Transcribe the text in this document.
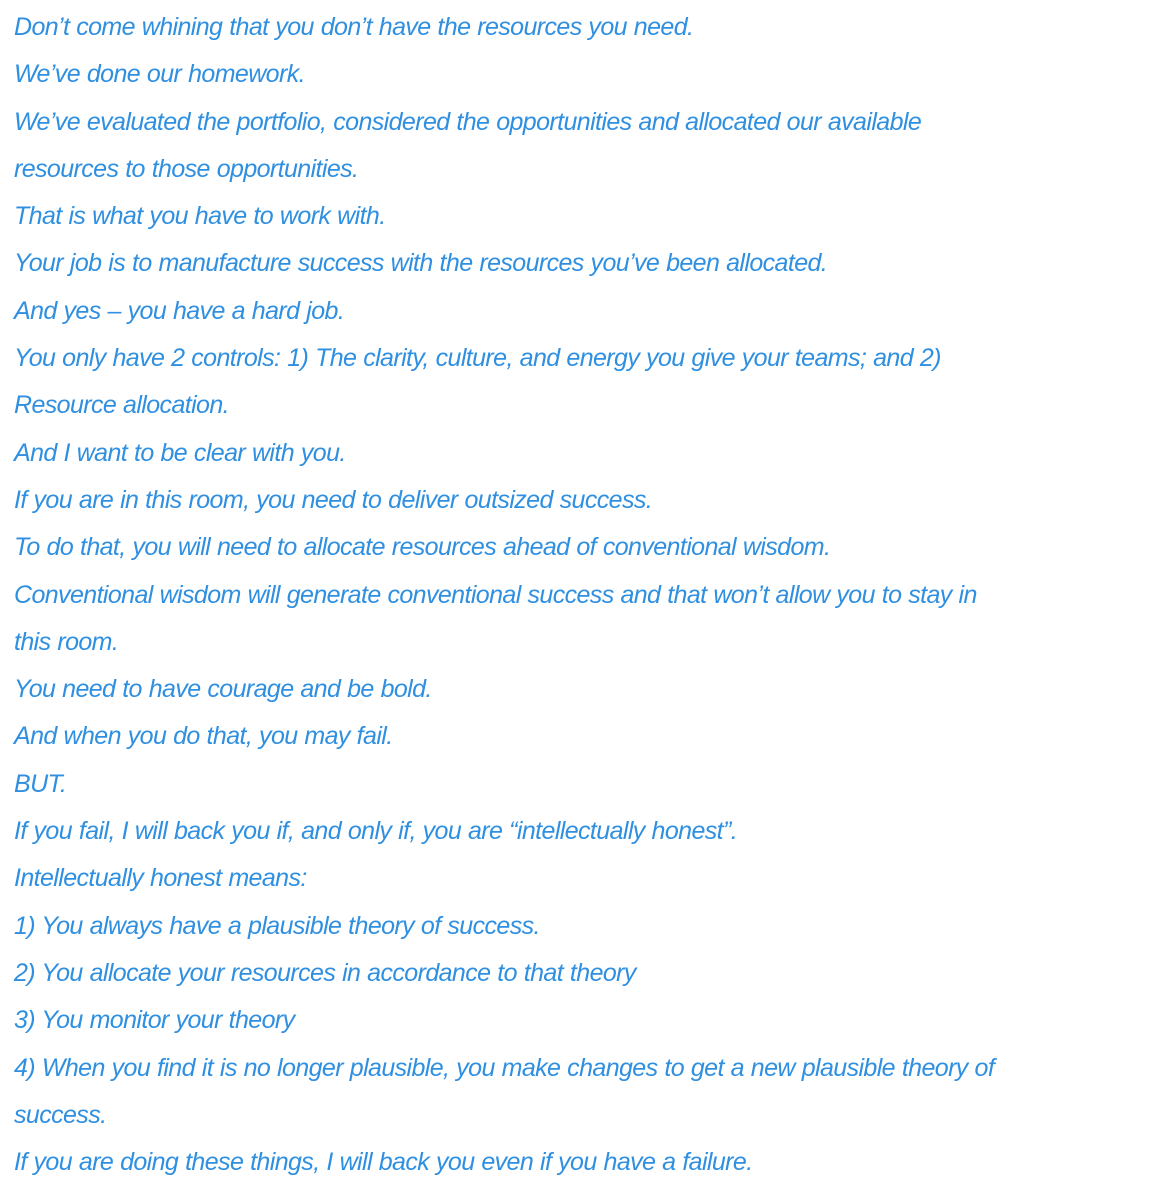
Don’t come whining that you don’t have the resources you need.
We’ve done our homework.
We’ve evaluated the portfolio, considered the opportunities and allocated our available
resources to those opportunities.
That is what you have to work with.
Your job is to manufacture success with the resources you’ve been allocated.
And yes – you have a hard job.
You only have 2 controls: 1) The clarity, culture, and energy you give your teams; and 2)
Resource allocation.
And I want to be clear with you.
If you are in this room, you need to deliver outsized success.
To do that, you will need to allocate resources ahead of conventional wisdom.
Conventional wisdom will generate conventional success and that won’t allow you to stay in
this room.
You need to have courage and be bold.
And when you do that, you may fail.
BUT.
If you fail, I will back you if, and only if, you are “intellectually honest”.
Intellectually honest means:
1) You always have a plausible theory of success.
2) You allocate your resources in accordance to that theory
3) You monitor your theory
4) When you find it is no longer plausible, you make changes to get a new plausible theory of
success.
If you are doing these things, I will back you even if you have a failure.
